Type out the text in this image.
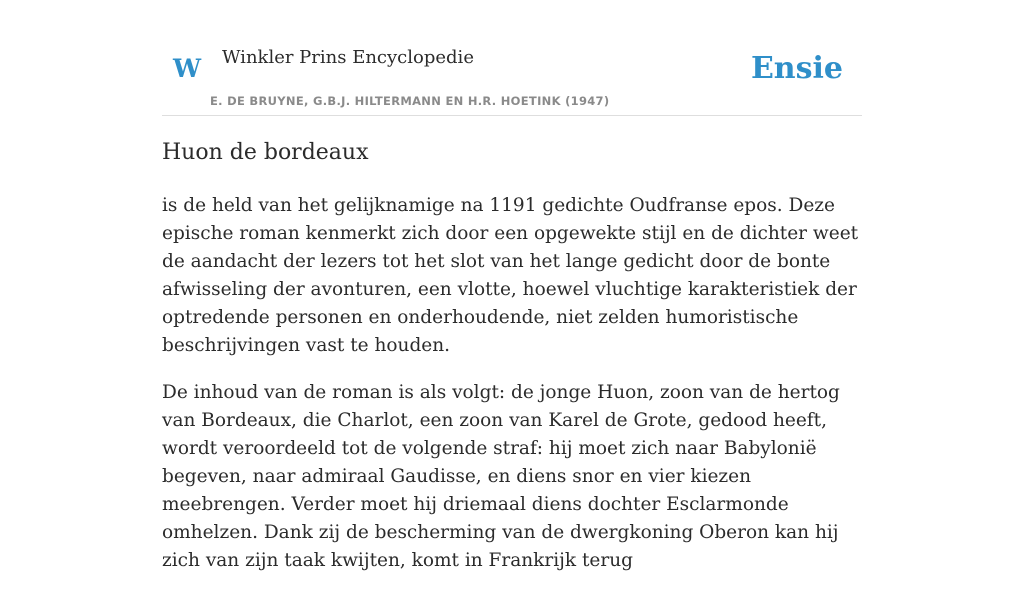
W Winkler Prins Encyclopedie
E. DE BRUYNE, G.B.J. HILTERMANN EN H.R. HOETINK (1947)
Ensie
Huon de bordeaux

is de held van het gelijknamige na 1191 gedichte Oudfranse epos. Deze epische roman kenmerkt zich door een opgewekte stijl en de dichter weet de aandacht der lezers tot het slot van het lange gedicht door de bonte afwisseling der avonturen, een vlotte, hoewel vluchtige karakteristiek der optredende personen en onderhoudende, niet zelden humoristische beschrijvingen vast te houden.

De inhoud van de roman is als volgt: de jonge Huon, zoon van de hertog van Bordeaux, die Charlot, een zoon van Karel de Grote, gedood heeft, wordt veroordeeld tot de volgende straf: hij moet zich naar Babylonië begeven, naar admiraal Gaudisse, en diens snor en vier kiezen meebrengen. Verder moet hij driemaal diens dochter Esclarmonde omhelzen. Dank zij de bescherming van de dwergkoning Oberon kan hij zich van zijn taak kwijten, komt in Frankrijk terug
